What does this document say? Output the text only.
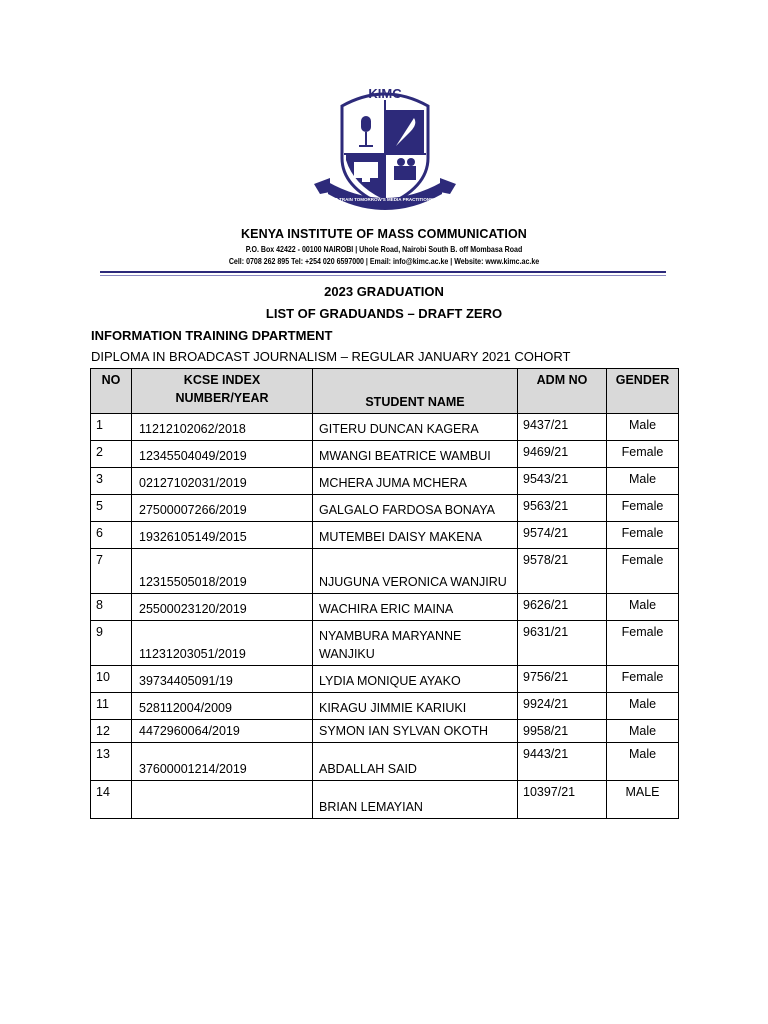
KIMC
WE TRAIN TOMORROW'S MEDIA PRACTITIONERS
KENYA INSTITUTE OF MASS COMMUNICATION
P.O. Box 42422 - 00100 NAIROBI | Uhole Road, Nairobi South B. off Mombasa Road
Cell: 0708 262 895 Tel: +254 020 6597000 | Email: info@kimc.ac.ke | Website: www.kimc.ac.ke
2023 GRADUATION
LIST OF GRADUANDS – DRAFT ZERO
INFORMATION TRAINING DPARTMENT
DIPLOMA IN BROADCAST JOURNALISM – REGULAR JANUARY 2021 COHORT
NO	KCSE INDEX NUMBER/YEAR	STUDENT NAME	ADM NO	GENDER
1	11212102062/2018	GITERU DUNCAN KAGERA	9437/21	Male
2	12345504049/2019	MWANGI BEATRICE WAMBUI	9469/21	Female
3	02127102031/2019	MCHERA JUMA MCHERA	9543/21	Male
5	27500007266/2019	GALGALO FARDOSA BONAYA	9563/21	Female
6	19326105149/2015	MUTEMBEI DAISY MAKENA	9574/21	Female
7	12315505018/2019	NJUGUNA VERONICA WANJIRU	9578/21	Female
8	25500023120/2019	WACHIRA ERIC MAINA	9626/21	Male
9	11231203051/2019	NYAMBURA MARYANNE WANJIKU	9631/21	Female
10	39734405091/19	LYDIA MONIQUE AYAKO	9756/21	Female
11	528112004/2009	KIRAGU JIMMIE KARIUKI	9924/21	Male
12	4472960064/2019	SYMON IAN SYLVAN OKOTH	9958/21	Male
13	37600001214/2019	ABDALLAH SAID	9443/21	Male
14		BRIAN LEMAYIAN	10397/21	MALE
